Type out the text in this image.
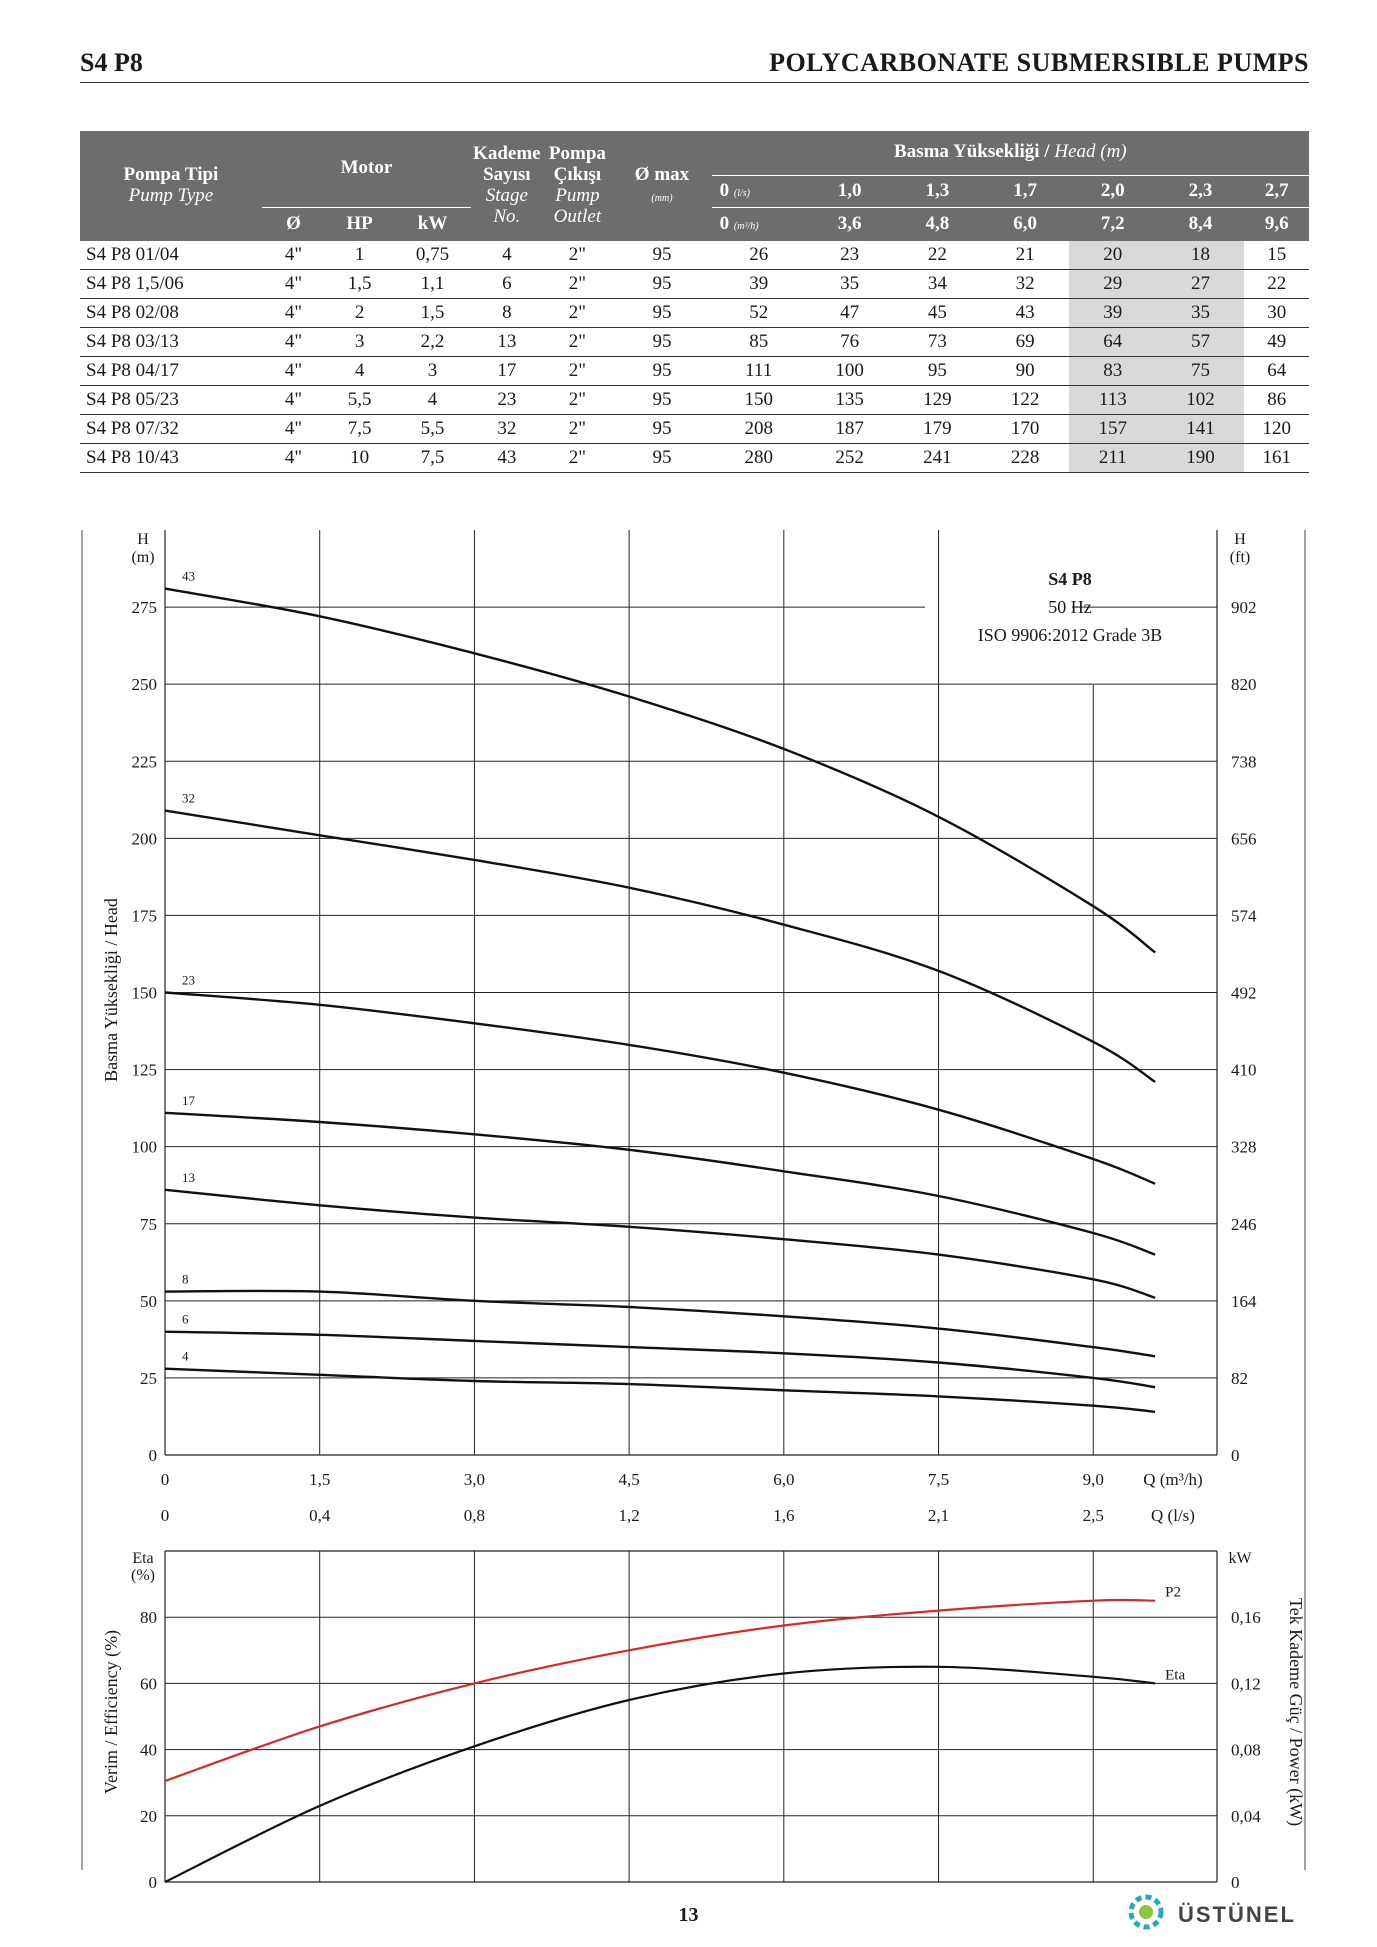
S4 P8	POLYCARBONATE SUBMERSIBLE PUMPS
Pompa Tipi
Pump Type	Motor			Kademe
Sayısı
Stage
No.	Pompa
Çıkışı
Pump
Outlet	Ø max
(mm)	Basma Yüksekliği / Head (m)						
							0 (l/s)	1,0	1,3	1,7	2,0	2,3	2,7
	Ø	HP	kW				0 (m³/h)	3,6	4,8	6,0	7,2	8,4	9,6
S4 P8 01/04	4"	1	0,75	4	2"	95	26	23	22	21	20	18	15
S4 P8 1,5/06	4"	1,5	1,1	6	2"	95	39	35	34	32	29	27	22
S4 P8 02/08	4"	2	1,5	8	2"	95	52	47	45	43	39	35	30
S4 P8 03/13	4"	3	2,2	13	2"	95	85	76	73	69	64	57	49
S4 P8 04/17	4"	4	3	17	2"	95	111	100	95	90	83	75	64
S4 P8 05/23	4"	5,5	4	23	2"	95	150	135	129	122	113	102	86
S4 P8 07/32	4"	7,5	5,5	32	2"	95	208	187	179	170	157	141	120
S4 P8 10/43	4"	10	7,5	43	2"	95	280	252	241	228	211	190	161
0
0
1,5
0,4
3,0
0,8
4,5
1,2
6,0
1,6
7,5
2,1
9,0
2,5
Q (m³/h)
Q (l/s)
0	0
25	82
50	164
75	246
100	328
125	410
150	492
175	574
200	656
225	738
250	820
275	902
H
(m)
H
(ft)
Basma Yüksekliği / Head
S4 P8
50 Hz
ISO 9906:2012 Grade 3B
4
6
8
13
17
23
32
43
0	0
20	0,04
40	0,08
60	0,12
80	0,16
Eta
(%)
kW
Verim / Efficiency (%)	Tek Kademe Güç / Power (kW)
P2
Eta
13	ÜSTÜNEL
